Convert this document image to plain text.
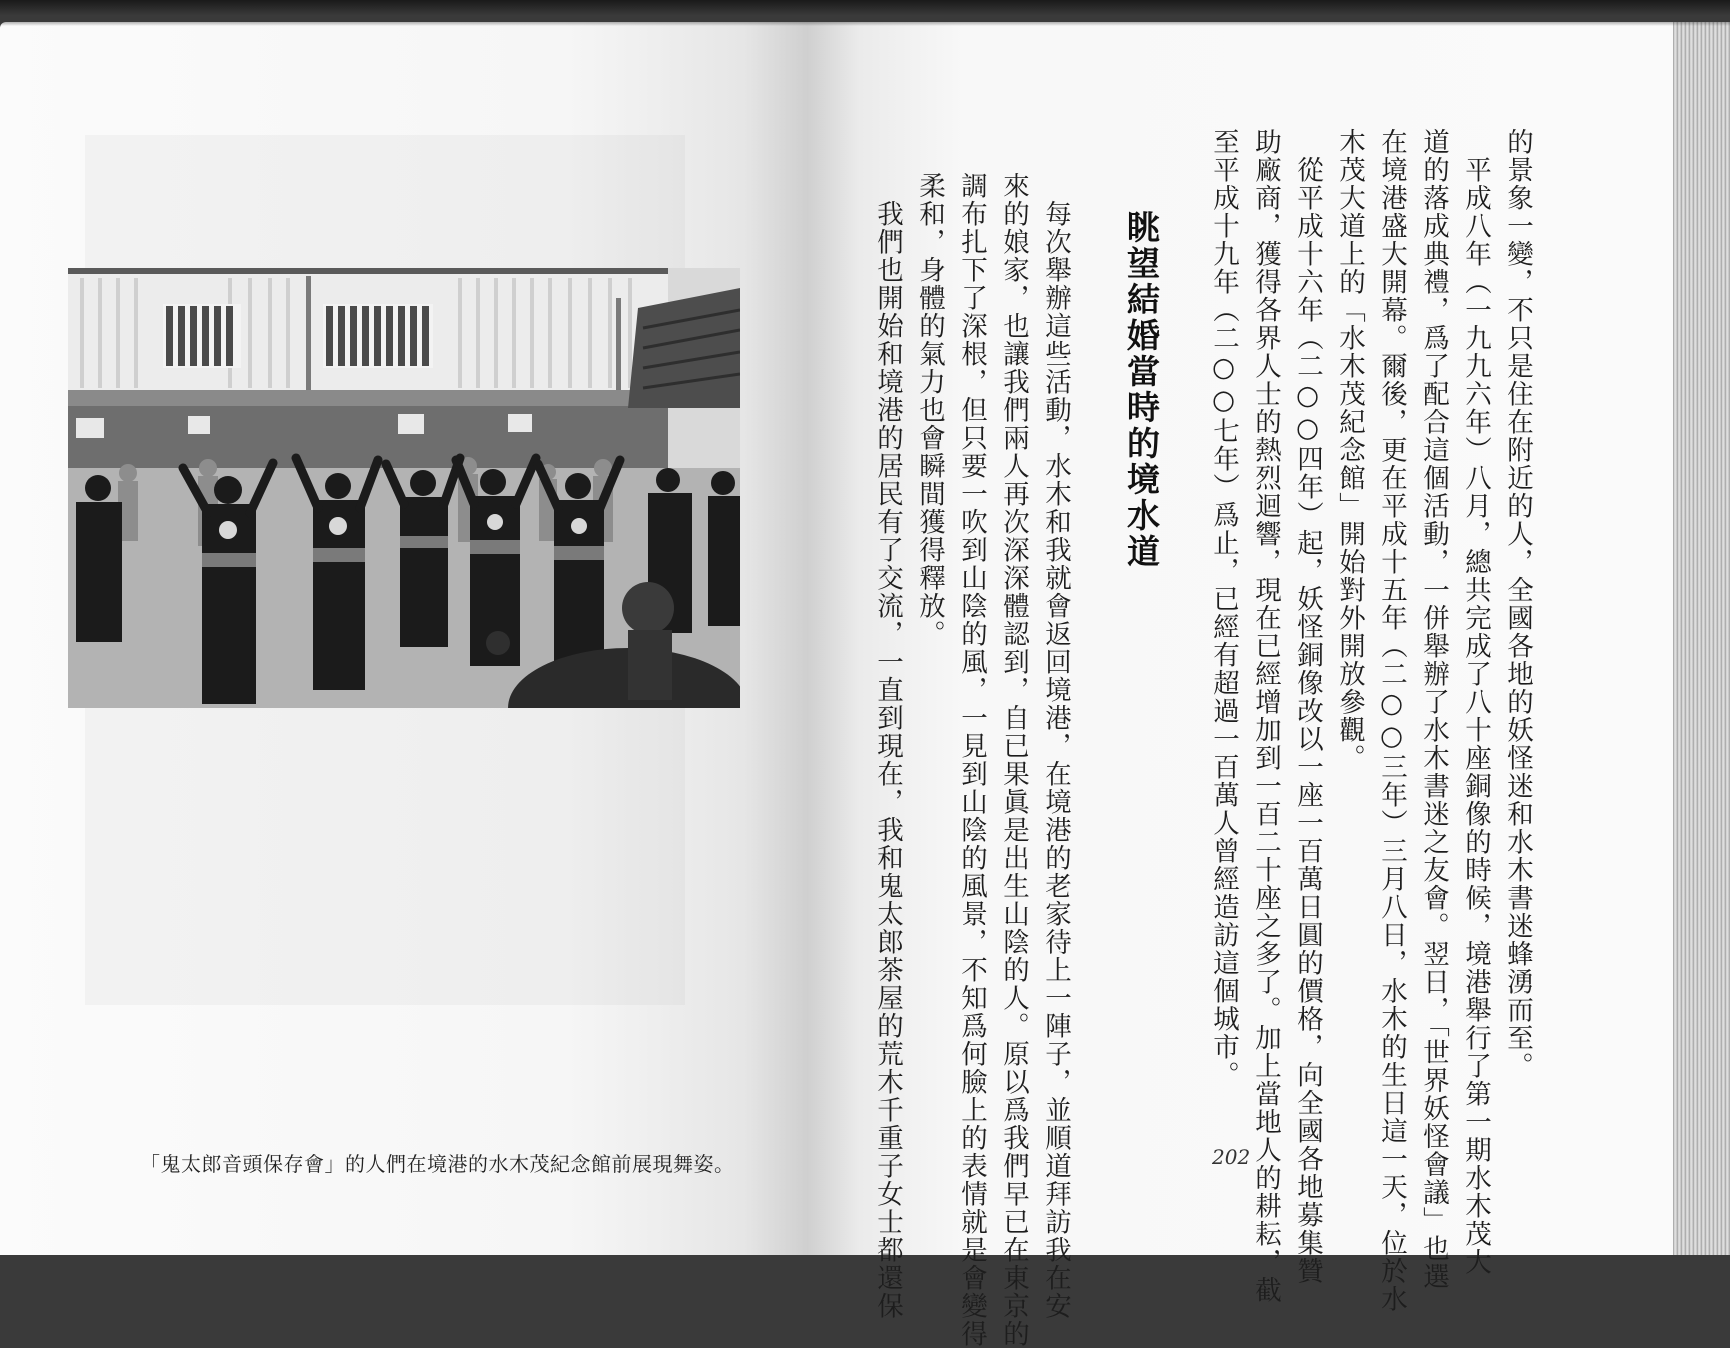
「鬼太郎音頭保存會」的人們在境港的水木茂紀念館前展現舞姿。
的景象一變，不只是住在附近的人，全國各地的妖怪迷和水木書迷蜂湧而至。
　平成八年（一九九六年）八月，總共完成了八十座銅像的時候，境港舉行了第一期水木茂大
道的落成典禮，爲了配合這個活動，一併舉辦了水木書迷之友會。翌日，「世界妖怪會議」也選
在境港盛大開幕。爾後，更在平成十五年（二○○三年）三月八日，水木的生日這一天，位於水
木茂大道上的「水木茂紀念館」開始對外開放參觀。
　從平成十六年（二○○四年）起，妖怪銅像改以一座一百萬日圓的價格，向全國各地募集贊
助廠商，獲得各界人士的熱烈迴響，現在已經增加到一百二十座之多了。加上當地人的耕耘，截
至平成十九年（二○○七年）爲止，已經有超過一百萬人曾經造訪這個城市。
眺望結婚當時的境水道
　每次舉辦這些活動，水木和我就會返回境港，在境港的老家待上一陣子，並順道拜訪我在安
來的娘家，也讓我們兩人再次深深體認到，自已果眞是出生山陰的人。原以爲我們早已在東京的
調布扎下了深根，但只要一吹到山陰的風，一見到山陰的風景，不知爲何臉上的表情就是會變得
柔和，身體的氣力也會瞬間獲得釋放。
　我們也開始和境港的居民有了交流，一直到現在，我和鬼太郎茶屋的荒木千重子女士都還保	202
